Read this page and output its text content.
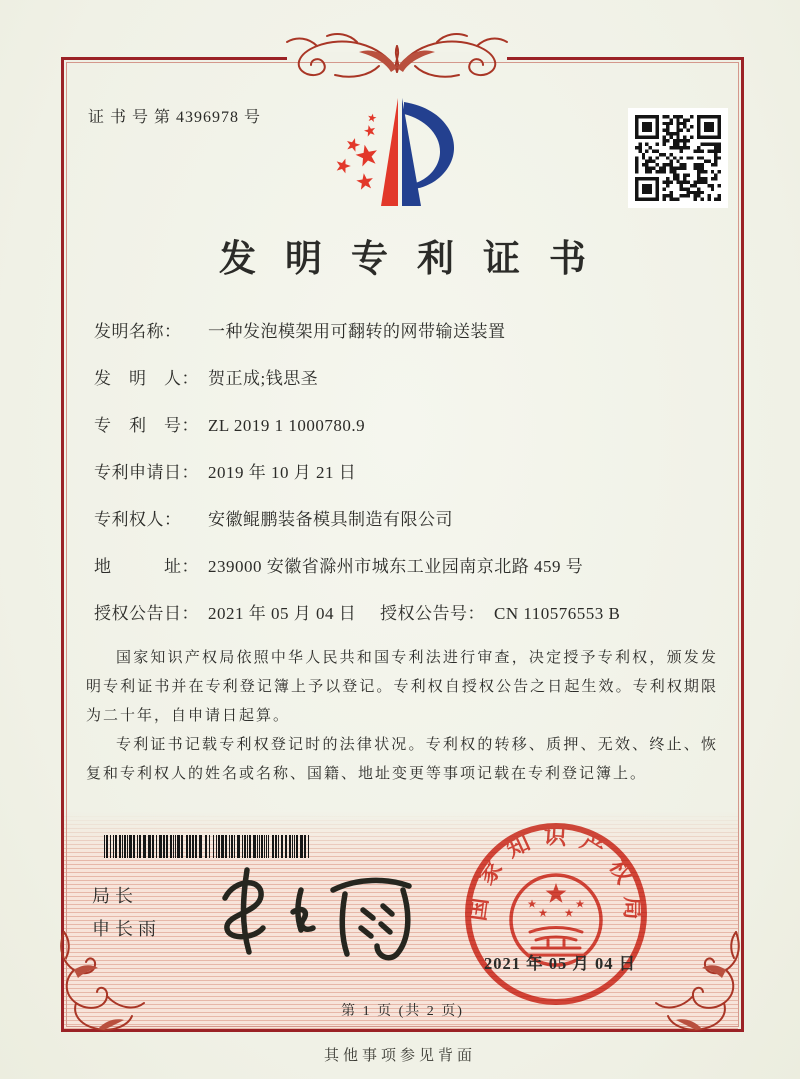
证 书 号 第 4396978 号
发明专利证书
发明名称：	一种发泡模架用可翻转的网带输送装置
发　明　人： 贺正成;钱思圣
专　利　号： ZL 2019 1 1000780.9
专利申请日： 2019 年 10 月 21 日
专利权人：	安徽鲲鹏装备模具制造有限公司
地　　　址： 239000 安徽省滁州市城东工业园南京北路 459 号
授权公告日： 2021 年 05 月 04 日	授权公告号： CN 110576553 B

国家知识产权局依照中华人民共和国专利法进行审查，决定授予专利权，颁发发明专利证书并在专利登记簿上予以登记。专利权自授权公告之日起生效。专利权期限为二十年，自申请日起算。

专利证书记载专利权登记时的法律状况。专利权的转移、质押、无效、终止、恢复和专利权人的姓名或名称、国籍、地址变更等事项记载在专利登记簿上。

局长
申长雨
国家知识产权局
2021 年 05 月 04 日
第 1 页 (共 2 页)
其他事项参见背面
